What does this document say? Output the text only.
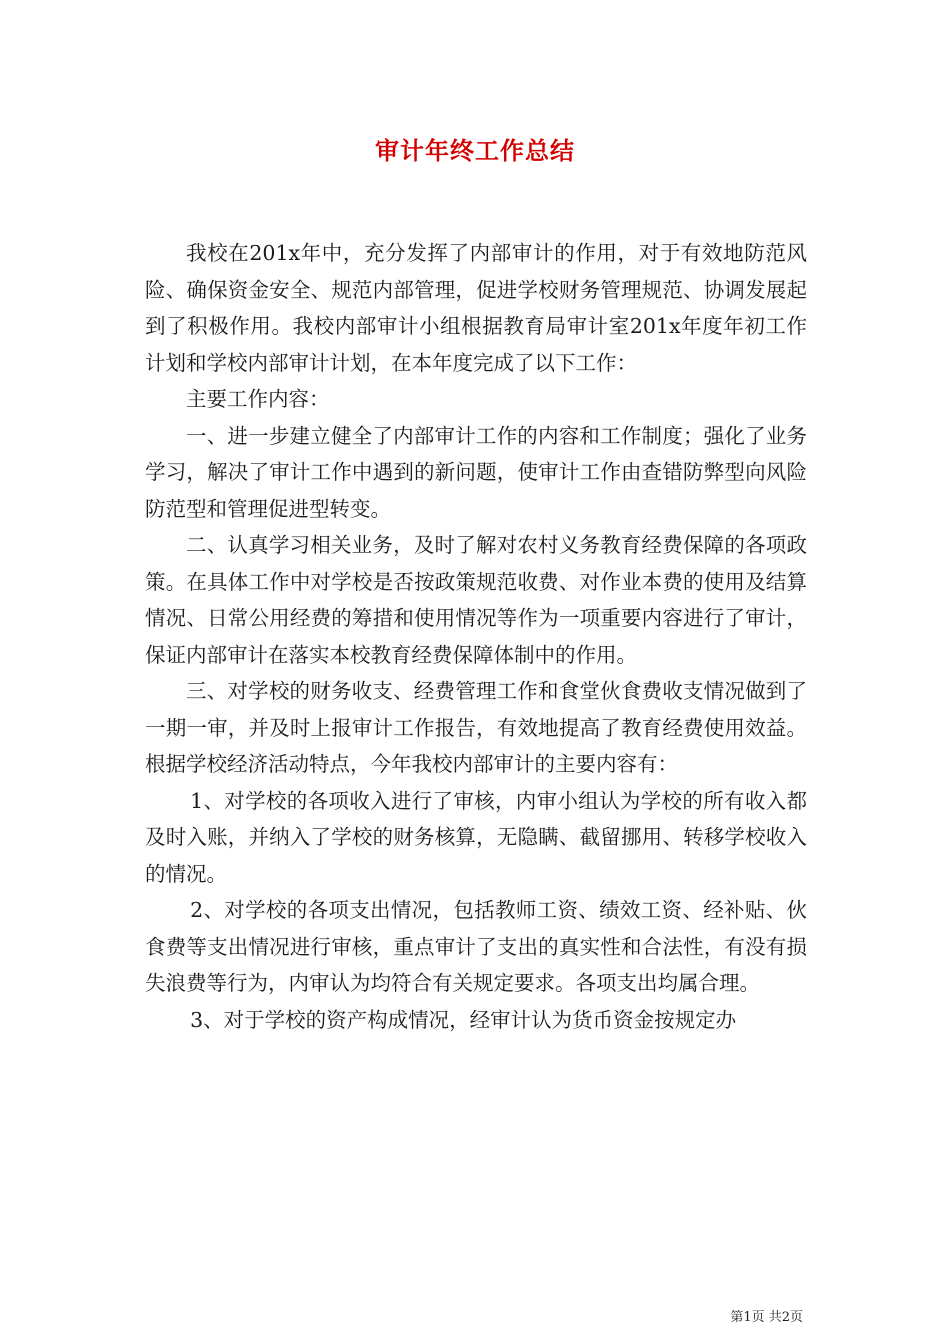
审计年终工作总结

我校在201x年中，充分发挥了内部审计的作用，对于有效地防范风险、确保资金安全、规范内部管理，促进学校财务管理规范、协调发展起到了积极作用。我校内部审计小组根据教育局审计室201x年度年初工作计划和学校内部审计计划，在本年度完成了以下工作：

主要工作内容：

一、进一步建立健全了内部审计工作的内容和工作制度；强化了业务学习，解决了审计工作中遇到的新问题，使审计工作由查错防弊型向风险防范型和管理促进型转变。

二、认真学习相关业务，及时了解对农村义务教育经费保障的各项政策。在具体工作中对学校是否按政策规范收费、对作业本费的使用及结算情况、日常公用经费的筹措和使用情况等作为一项重要内容进行了审计，保证内部审计在落实本校教育经费保障体制中的作用。

三、对学校的财务收支、经费管理工作和食堂伙食费收支情况做到了一期一审，并及时上报审计工作报告，有效地提高了教育经费使用效益。根据学校经济活动特点，今年我校内部审计的主要内容有：

1、对学校的各项收入进行了审核，内审小组认为学校的所有收入都及时入账，并纳入了学校的财务核算，无隐瞒、截留挪用、转移学校收入的情况。

2、对学校的各项支出情况，包括教师工资、绩效工资、经补贴、伙食费等支出情况进行审核，重点审计了支出的真实性和合法性，有没有损失浪费等行为，内审认为均符合有关规定要求。各项支出均属合理。

3、对于学校的资产构成情况，经审计认为货币资金按规定办

第1页 共2页
